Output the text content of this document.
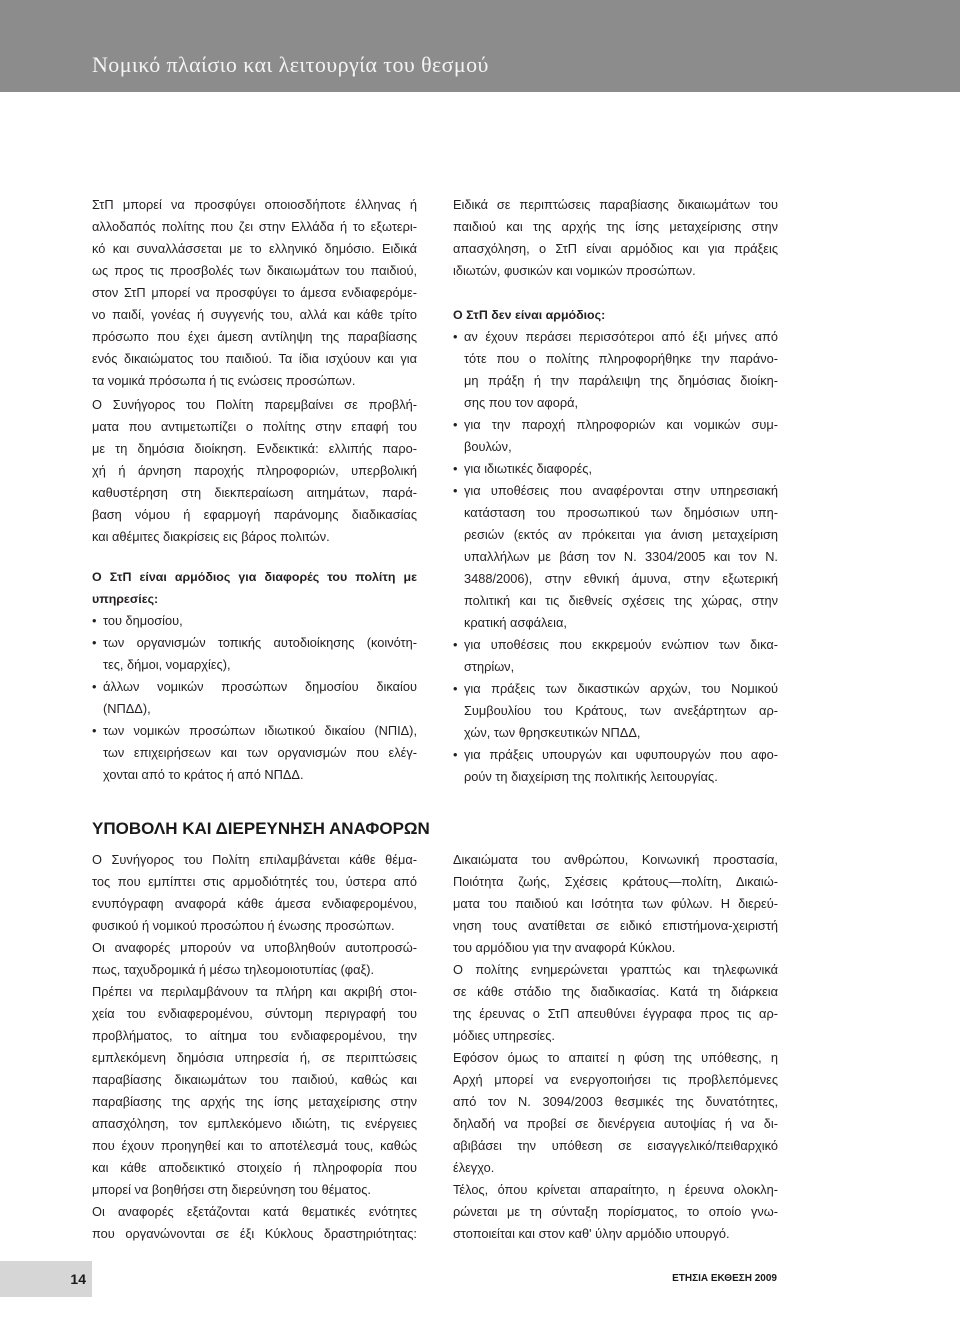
Νομικό πλαίσιο και λειτουργία του θεσμού
ΣτΠ μπορεί να προσφύγει οποιοσδήποτε έλληνας ή
αλλοδαπός πολίτης που ζει στην Ελλάδα ή το εξωτερι-
κό και συναλλάσσεται με το ελληνικό δημόσιο. Ειδικά
ως προς τις προσβολές των δικαιωμάτων του παιδιού,
στον ΣτΠ μπορεί να προσφύγει το άμεσα ενδιαφερόμε-
νο παιδί, γονέας ή συγγενής του, αλλά και κάθε τρίτο
πρόσωπο που έχει άμεση αντίληψη της παραβίασης
ενός δικαιώματος του παιδιού. Τα ίδια ισχύουν και για
τα νομικά πρόσωπα ή τις ενώσεις προσώπων.
Ο Συνήγορος του Πολίτη παρεμβαίνει σε προβλή-
ματα που αντιμετωπίζει ο πολίτης στην επαφή του
με τη δημόσια διοίκηση. Ενδεικτικά: ελλιπής παρο-
χή ή άρνηση παροχής πληροφοριών, υπερβολική
καθυστέρηση στη διεκπεραίωση αιτημάτων, παρά-
βαση νόμου ή εφαρμογή παράνομης διαδικασίας
και αθέμιτες διακρίσεις εις βάρος πολιτών.
Ο ΣτΠ είναι αρμόδιος για διαφορές του πολίτη με
υπηρεσίες:
• του δημοσίου,
• των οργανισμών τοπικής αυτοδιοίκησης (κοινότη-
τες, δήμοι, νομαρχίες),
• άλλων νομικών προσώπων δημοσίου δικαίου
(ΝΠΔΔ),
• των νομικών προσώπων ιδιωτικού δικαίου (ΝΠΙΔ),
των επιχειρήσεων και των οργανισμών που ελέγ-
χονται από το κράτος ή από ΝΠΔΔ.
Ειδικά σε περιπτώσεις παραβίασης δικαιωμάτων του
παιδιού και της αρχής της ίσης μεταχείρισης στην
απασχόληση, ο ΣτΠ είναι αρμόδιος και για πράξεις
ιδιωτών, φυσικών και νομικών προσώπων.
Ο ΣτΠ δεν είναι αρμόδιος:
• αν έχουν περάσει περισσότεροι από έξι μήνες από
τότε που ο πολίτης πληροφορήθηκε την παράνο-
μη πράξη ή την παράλειψη της δημόσιας διοίκη-
σης που τον αφορά,
• για την παροχή πληροφοριών και νομικών συμ-
βουλών,
• για ιδιωτικές διαφορές,
• για υποθέσεις που αναφέρονται στην υπηρεσιακή
κατάσταση του προσωπικού των δημόσιων υπη-
ρεσιών (εκτός αν πρόκειται για άνιση μεταχείριση
υπαλλήλων με βάση τον Ν. 3304/2005 και τον Ν.
3488/2006), στην εθνική άμυνα, στην εξωτερική
πολιτική και τις διεθνείς σχέσεις της χώρας, στην
κρατική ασφάλεια,
• για υποθέσεις που εκκρεμούν ενώπιον των δικα-
στηρίων,
• για πράξεις των δικαστικών αρχών, του Νομικού
Συμβουλίου του Κράτους, των ανεξάρτητων αρ-
χών, των θρησκευτικών ΝΠΔΔ,
• για πράξεις υπουργών και υφυπουργών που αφο-
ρούν τη διαχείριση της πολιτικής λειτουργίας.
ΥΠΟΒΟΛΗ ΚΑΙ ΔΙΕΡΕΥΝΗΣΗ ΑΝΑΦΟΡΩΝ
Ο Συνήγορος του Πολίτη επιλαμβάνεται κάθε θέμα-
τος που εμπίπτει στις αρμοδιότητές του, ύστερα από
ενυπόγραφη αναφορά κάθε άμεσα ενδιαφερομένου,
φυσικού ή νομικού προσώπου ή ένωσης προσώπων.
Οι αναφορές μπορούν να υποβληθούν αυτοπροσώ-
πως, ταχυδρομικά ή μέσω τηλεομοιοτυπίας (φαξ).
Πρέπει να περιλαμβάνουν τα πλήρη και ακριβή στοι-
χεία του ενδιαφερομένου, σύντομη περιγραφή του
προβλήματος, το αίτημα του ενδιαφερομένου, την
εμπλεκόμενη δημόσια υπηρεσία ή, σε περιπτώσεις
παραβίασης δικαιωμάτων του παιδιού, καθώς και
παραβίασης της αρχής της ίσης μεταχείρισης στην
απασχόληση, τον εμπλεκόμενο ιδιώτη, τις ενέργειες
που έχουν προηγηθεί και το αποτέλεσμά τους, καθώς
και κάθε αποδεικτικό στοιχείο ή πληροφορία που
μπορεί να βοηθήσει στη διερεύνηση του θέματος.
Οι αναφορές εξετάζονται κατά θεματικές ενότητες
που οργανώνονται σε έξι Κύκλους δραστηριότητας:
Δικαιώματα του ανθρώπου, Κοινωνική προστασία,
Ποιότητα ζωής, Σχέσεις κράτους—πολίτη, Δικαιώ-
ματα του παιδιού και Ισότητα των φύλων. Η διερεύ-
νηση τους ανατίθεται σε ειδικό επιστήμονα-χειριστή
του αρμόδιου για την αναφορά Κύκλου.
Ο πολίτης ενημερώνεται γραπτώς και τηλεφωνικά
σε κάθε στάδιο της διαδικασίας. Κατά τη διάρκεια
της έρευνας ο ΣτΠ απευθύνει έγγραφα προς τις αρ-
μόδιες υπηρεσίες.
Εφόσον όμως το απαιτεί η φύση της υπόθεσης, η
Αρχή μπορεί να ενεργοποιήσει τις προβλεπόμενες
από τον Ν. 3094/2003 θεσμικές της δυνατότητες,
δηλαδή να προβεί σε διενέργεια αυτοψίας ή να δι-
αβιβάσει την υπόθεση σε εισαγγελικό/πειθαρχικό
έλεγχο.
Τέλος, όπου κρίνεται απαραίτητο, η έρευνα ολοκλη-
ρώνεται με τη σύνταξη πορίσματος, το οποίο γνω-
στοποιείται και στον καθ' ύλην αρμόδιο υπουργό.
14	ΕΤΗΣΙΑ ΕΚΘΕΣΗ 2009
